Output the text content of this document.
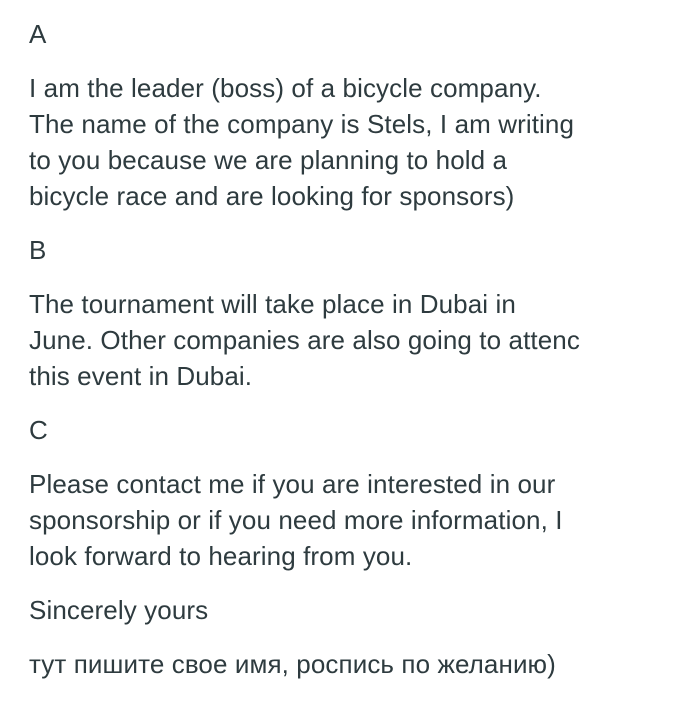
A
I am the leader (boss) of a bicycle company.
The name of the company is Stels, I am writing
to you because we are planning to hold a
bicycle race and are looking for sponsors)
B
The tournament will take place in Dubai in
June. Other companies are also going to attenc
this event in Dubai.
C
Please contact me if you are interested in our
sponsorship or if you need more information, I
look forward to hearing from you.
Sincerely yours
тут пишите свое имя, роспись по желанию)
